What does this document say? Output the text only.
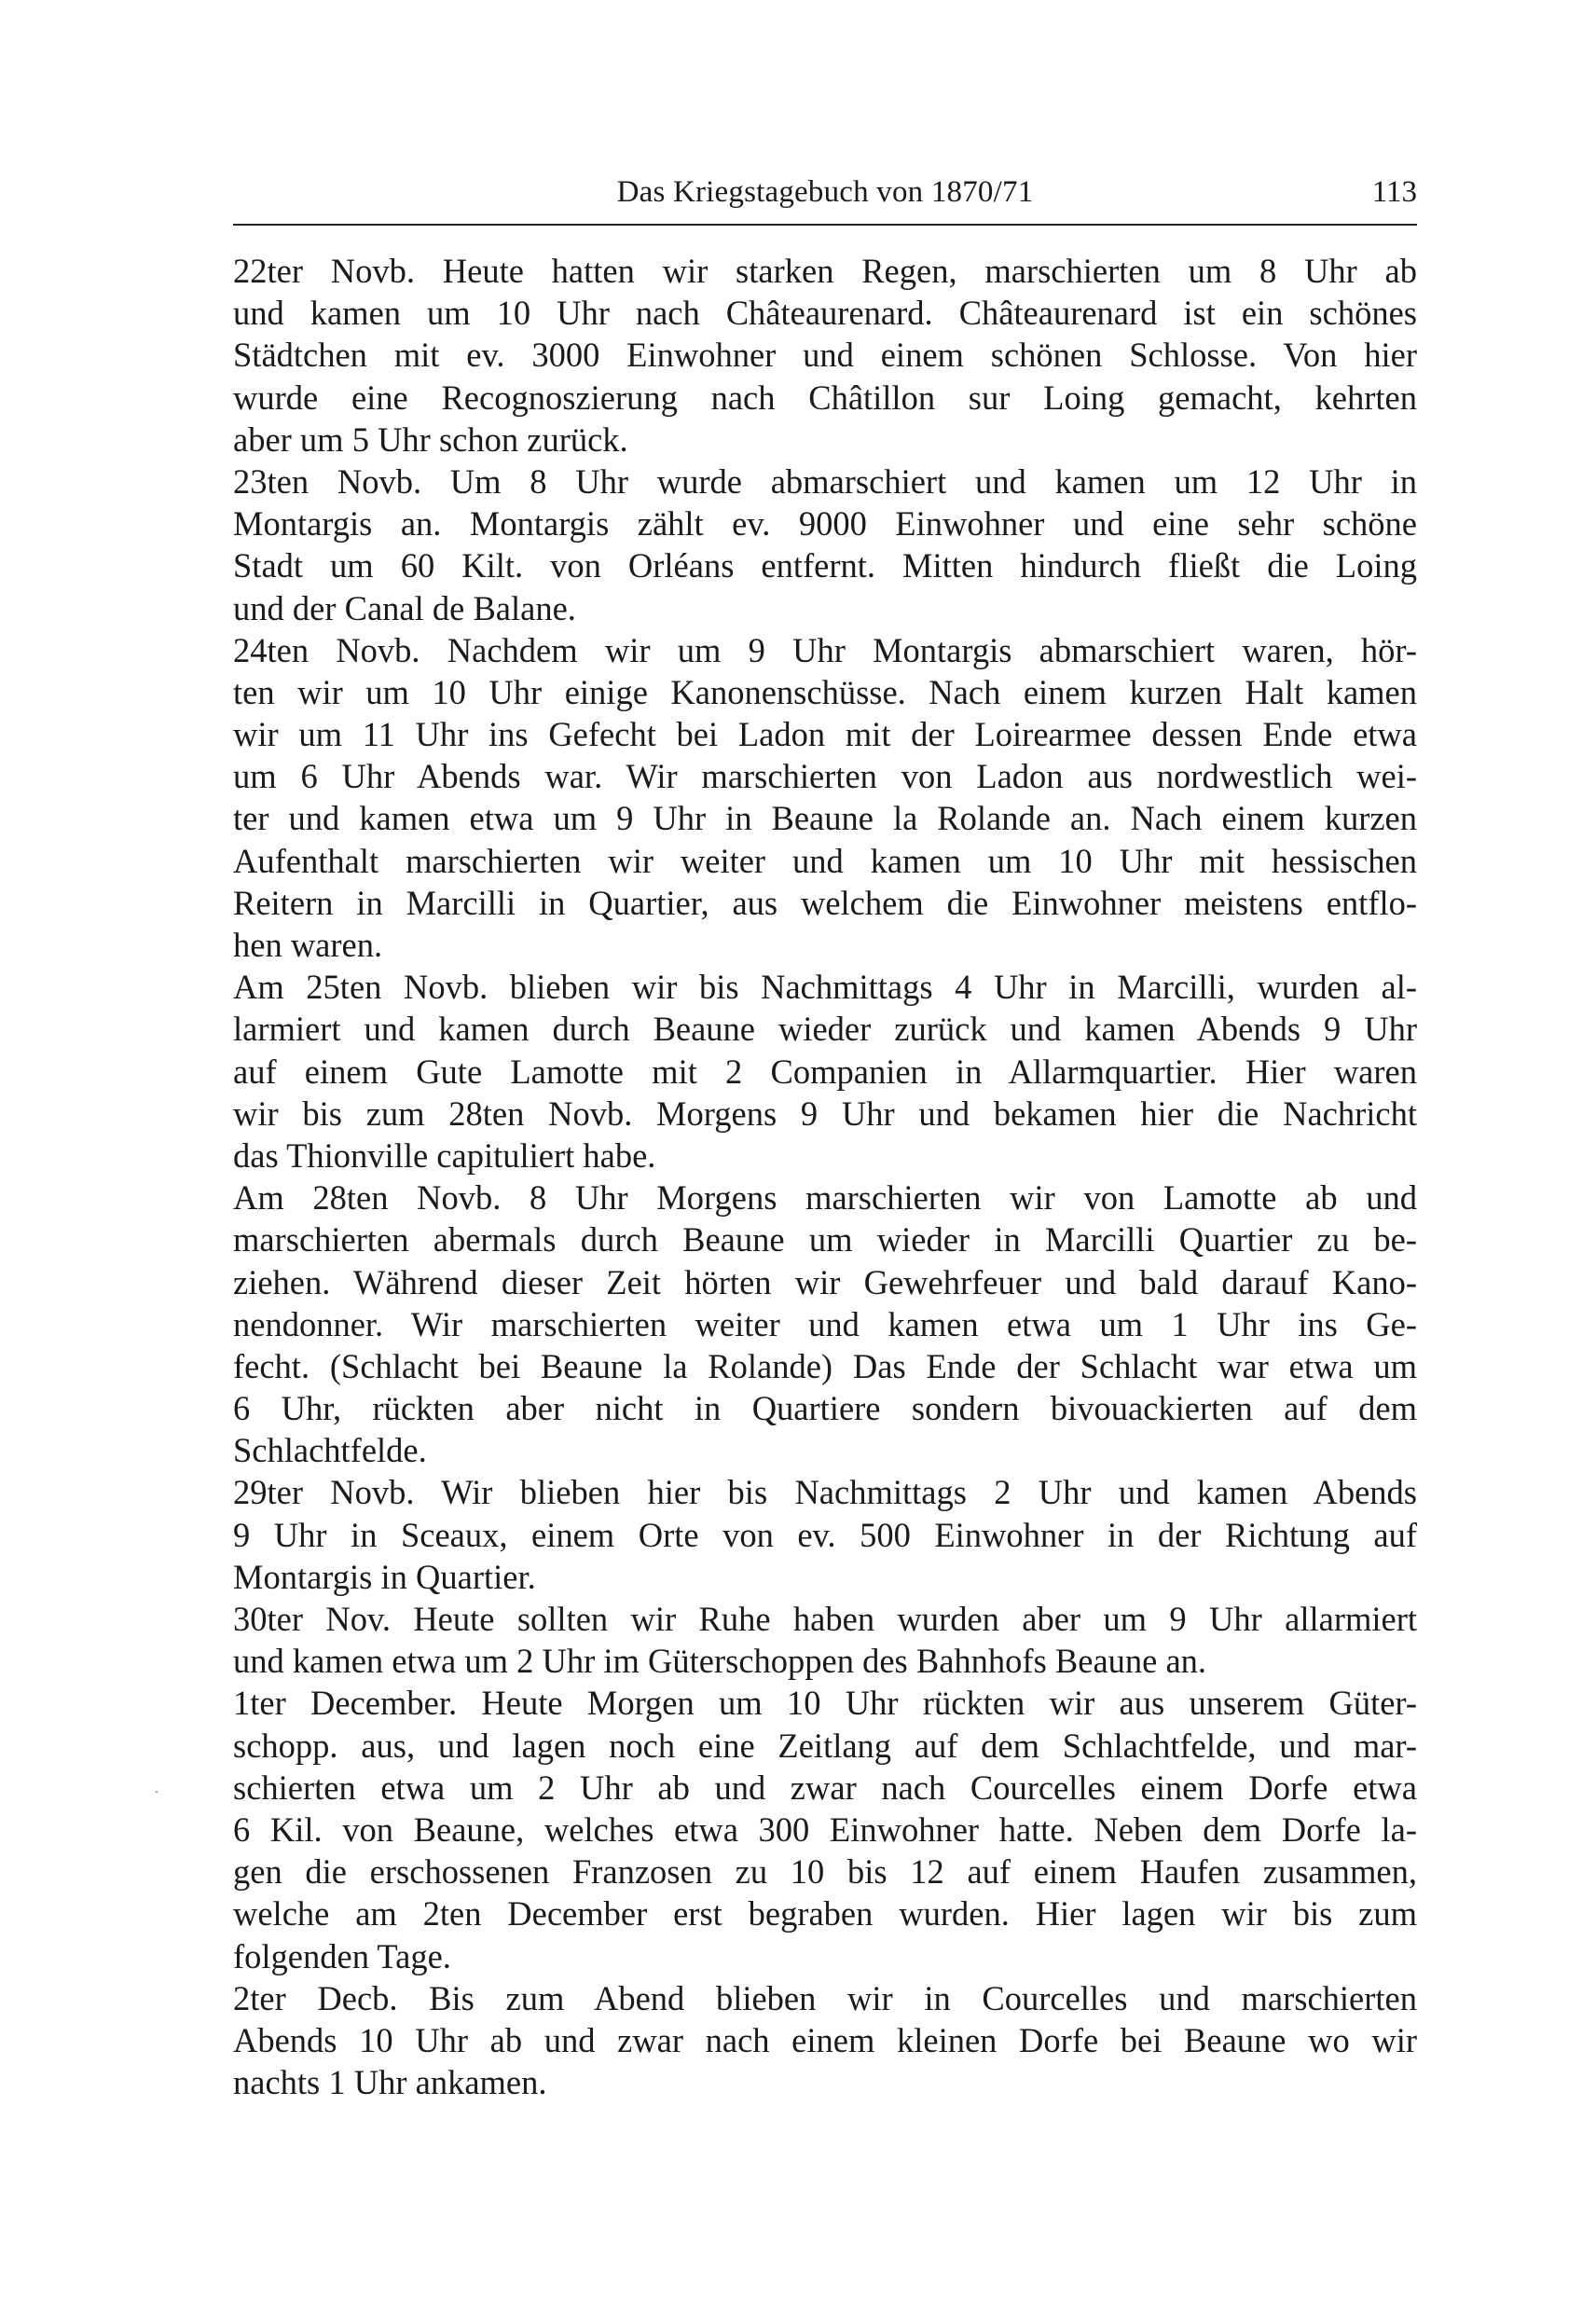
Das Kriegstagebuch von 1870/71	113
·

22ter Novb. Heute hatten wir starken Regen, marschierten um 8 Uhr ab
und kamen um 10 Uhr nach Châteaurenard. Châteaurenard ist ein schönes
Städtchen mit ev. 3000 Einwohner und einem schönen Schlosse. Von hier
wurde eine Recognoszierung nach Châtillon sur Loing gemacht, kehrten
aber um 5 Uhr schon zurück.

23ten Novb. Um 8 Uhr wurde abmarschiert und kamen um 12 Uhr in
Montargis an. Montargis zählt ev. 9000 Einwohner und eine sehr schöne
Stadt um 60 Kilt. von Orléans entfernt. Mitten hindurch fließt die Loing
und der Canal de Balane.

24ten Novb. Nachdem wir um 9 Uhr Montargis abmarschiert waren, hör-
ten wir um 10 Uhr einige Kanonenschüsse. Nach einem kurzen Halt kamen
wir um 11 Uhr ins Gefecht bei Ladon mit der Loirearmee dessen Ende etwa
um 6 Uhr Abends war. Wir marschierten von Ladon aus nordwestlich wei-
ter und kamen etwa um 9 Uhr in Beaune la Rolande an. Nach einem kurzen
Aufenthalt marschierten wir weiter und kamen um 10 Uhr mit hessischen
Reitern in Marcilli in Quartier, aus welchem die Einwohner meistens entflo-
hen waren.

Am 25ten Novb. blieben wir bis Nachmittags 4 Uhr in Marcilli, wurden al-
larmiert und kamen durch Beaune wieder zurück und kamen Abends 9 Uhr
auf einem Gute Lamotte mit 2 Companien in Allarmquartier. Hier waren
wir bis zum 28ten Novb. Morgens 9 Uhr und bekamen hier die Nachricht
das Thionville capituliert habe.

Am 28ten Novb. 8 Uhr Morgens marschierten wir von Lamotte ab und
marschierten abermals durch Beaune um wieder in Marcilli Quartier zu be-
ziehen. Während dieser Zeit hörten wir Gewehrfeuer und bald darauf Kano-
nendonner. Wir marschierten weiter und kamen etwa um 1 Uhr ins Ge-
fecht. (Schlacht bei Beaune la Rolande) Das Ende der Schlacht war etwa um
6 Uhr, rückten aber nicht in Quartiere sondern bivouackierten auf dem
Schlachtfelde.

29ter Novb. Wir blieben hier bis Nachmittags 2 Uhr und kamen Abends
9 Uhr in Sceaux, einem Orte von ev. 500 Einwohner in der Richtung auf
Montargis in Quartier.

30ter Nov. Heute sollten wir Ruhe haben wurden aber um 9 Uhr allarmiert
und kamen etwa um 2 Uhr im Güterschoppen des Bahnhofs Beaune an.

1ter December. Heute Morgen um 10 Uhr rückten wir aus unserem Güter-
schopp. aus, und lagen noch eine Zeitlang auf dem Schlachtfelde, und mar-
schierten etwa um 2 Uhr ab und zwar nach Courcelles einem Dorfe etwa
6 Kil. von Beaune, welches etwa 300 Einwohner hatte. Neben dem Dorfe la-
gen die erschossenen Franzosen zu 10 bis 12 auf einem Haufen zusammen,
welche am 2ten December erst begraben wurden. Hier lagen wir bis zum
folgenden Tage.

2ter Decb. Bis zum Abend blieben wir in Courcelles und marschierten
Abends 10 Uhr ab und zwar nach einem kleinen Dorfe bei Beaune wo wir
nachts 1 Uhr ankamen.
